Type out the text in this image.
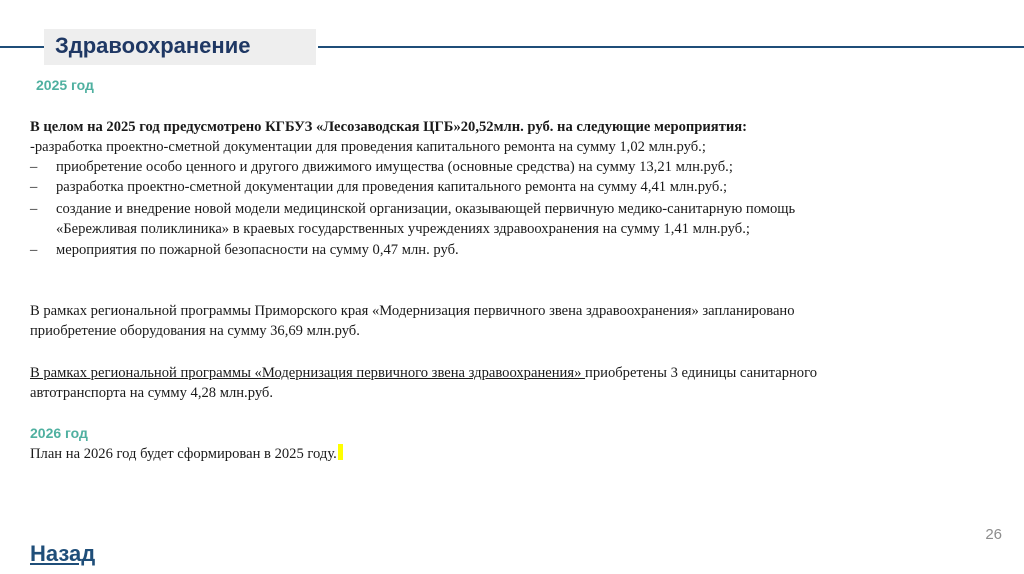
Здравоохранение
2025 год
В целом на 2025 год предусмотрено КГБУЗ «Лесозаводская ЦГБ»20,52млн. руб. на следующие мероприятия:
-разработка проектно-сметной документации для проведения капитального ремонта на сумму 1,02 млн.руб.;
– приобретение особо ценного и другого движимого имущества (основные средства) на сумму 13,21 млн.руб.;
– разработка проектно-сметной документации для проведения капитального ремонта на сумму 4,41 млн.руб.;
– создание и внедрение новой модели медицинской организации, оказывающей первичную медико-санитарную помощь
«Бережливая поликлиника» в краевых государственных учреждениях здравоохранения на сумму 1,41 млн.руб.;
– мероприятия по пожарной безопасности на сумму 0,47 млн. руб.
В рамках региональной программы Приморского края «Модернизация первичного звена здравоохранения» запланировано
приобретение оборудования на сумму 36,69 млн.руб.
В рамках региональной программы «Модернизация первичного звена здравоохранения» приобретены 3 единицы санитарного
автотранспорта на сумму 4,28 млн.руб.
2026 год
План на 2026 год будет сформирован в 2025 году.
26
Назад
